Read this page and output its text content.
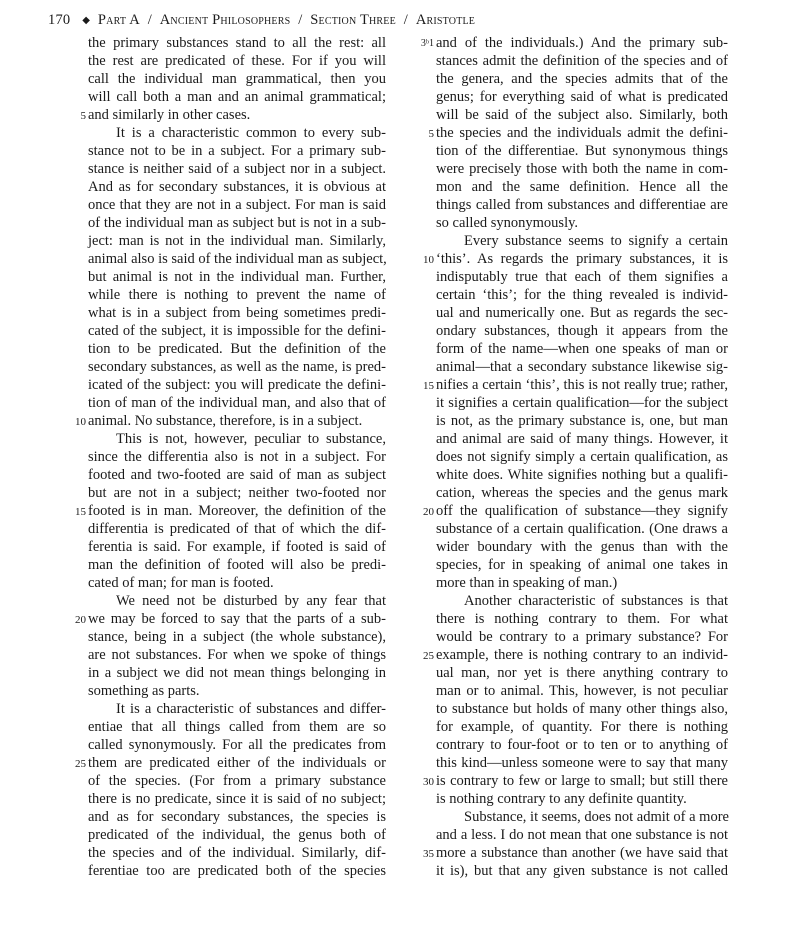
170 ◆ Part A / Ancient Philosophers / Section Three / Aristotle
the primary substances stand to all the rest: all
the rest are predicated of these. For if you will
call the individual man grammatical, then you
will call both a man and an animal grammatical;
5 and similarly in other cases.
It is a characteristic common to every sub-
stance not to be in a subject. For a primary sub-
stance is neither said of a subject nor in a subject.
And as for secondary substances, it is obvious at
once that they are not in a subject. For man is said
of the individual man as subject but is not in a sub-
ject: man is not in the individual man. Similarly,
animal also is said of the individual man as subject,
but animal is not in the individual man. Further,
while there is nothing to prevent the name of
what is in a subject from being sometimes predi-
cated of the subject, it is impossible for the defini-
tion to be predicated. But the definition of the
secondary substances, as well as the name, is pred-
icated of the subject: you will predicate the defini-
tion of man of the individual man, and also that of
10 animal. No substance, therefore, is in a subject.
This is not, however, peculiar to substance,
since the differentia also is not in a subject. For
footed and two-footed are said of man as subject
but are not in a subject; neither two-footed nor
15 footed is in man. Moreover, the definition of the
differentia is predicated of that of which the dif-
ferentia is said. For example, if footed is said of
man the definition of footed will also be predi-
cated of man; for man is footed.
We need not be disturbed by any fear that
20 we may be forced to say that the parts of a sub-
stance, being in a subject (the whole substance),
are not substances. For when we spoke of things
in a subject we did not mean things belonging in
something as parts.
It is a characteristic of substances and differ-
entiae that all things called from them are so
called synonymously. For all the predicates from
25 them are predicated either of the individuals or
of the species. (For from a primary substance
there is no predicate, since it is said of no subject;
and as for secondary substances, the species is
predicated of the individual, the genus both of
the species and of the individual. Similarly, dif-
ferentiae too are predicated both of the species
3ᵇ1 and of the individuals.) And the primary sub-
stances admit the definition of the species and of
the genera, and the species admits that of the
genus; for everything said of what is predicated
will be said of the subject also. Similarly, both
5 the species and the individuals admit the defini-
tion of the differentiae. But synonymous things
were precisely those with both the name in com-
mon and the same definition. Hence all the
things called from substances and differentiae are
so called synonymously.
Every substance seems to signify a certain
10 ‘this’. As regards the primary substances, it is
indisputably true that each of them signifies a
certain ‘this’; for the thing revealed is individ-
ual and numerically one. But as regards the sec-
ondary substances, though it appears from the
form of the name—when one speaks of man or
animal—that a secondary substance likewise sig-
15 nifies a certain ‘this’, this is not really true; rather,
it signifies a certain qualification—for the subject
is not, as the primary substance is, one, but man
and animal are said of many things. However, it
does not signify simply a certain qualification, as
white does. White signifies nothing but a qualifi-
cation, whereas the species and the genus mark
20 off the qualification of substance—they signify
substance of a certain qualification. (One draws a
wider boundary with the genus than with the
species, for in speaking of animal one takes in
more than in speaking of man.)
Another characteristic of substances is that
there is nothing contrary to them. For what
would be contrary to a primary substance? For
25 example, there is nothing contrary to an individ-
ual man, nor yet is there anything contrary to
man or to animal. This, however, is not peculiar
to substance but holds of many other things also,
for example, of quantity. For there is nothing
contrary to four-foot or to ten or to anything of
this kind—unless someone were to say that many
30 is contrary to few or large to small; but still there
is nothing contrary to any definite quantity.
Substance, it seems, does not admit of a more
and a less. I do not mean that one substance is not
35 more a substance than another (we have said that
it is), but that any given substance is not called
